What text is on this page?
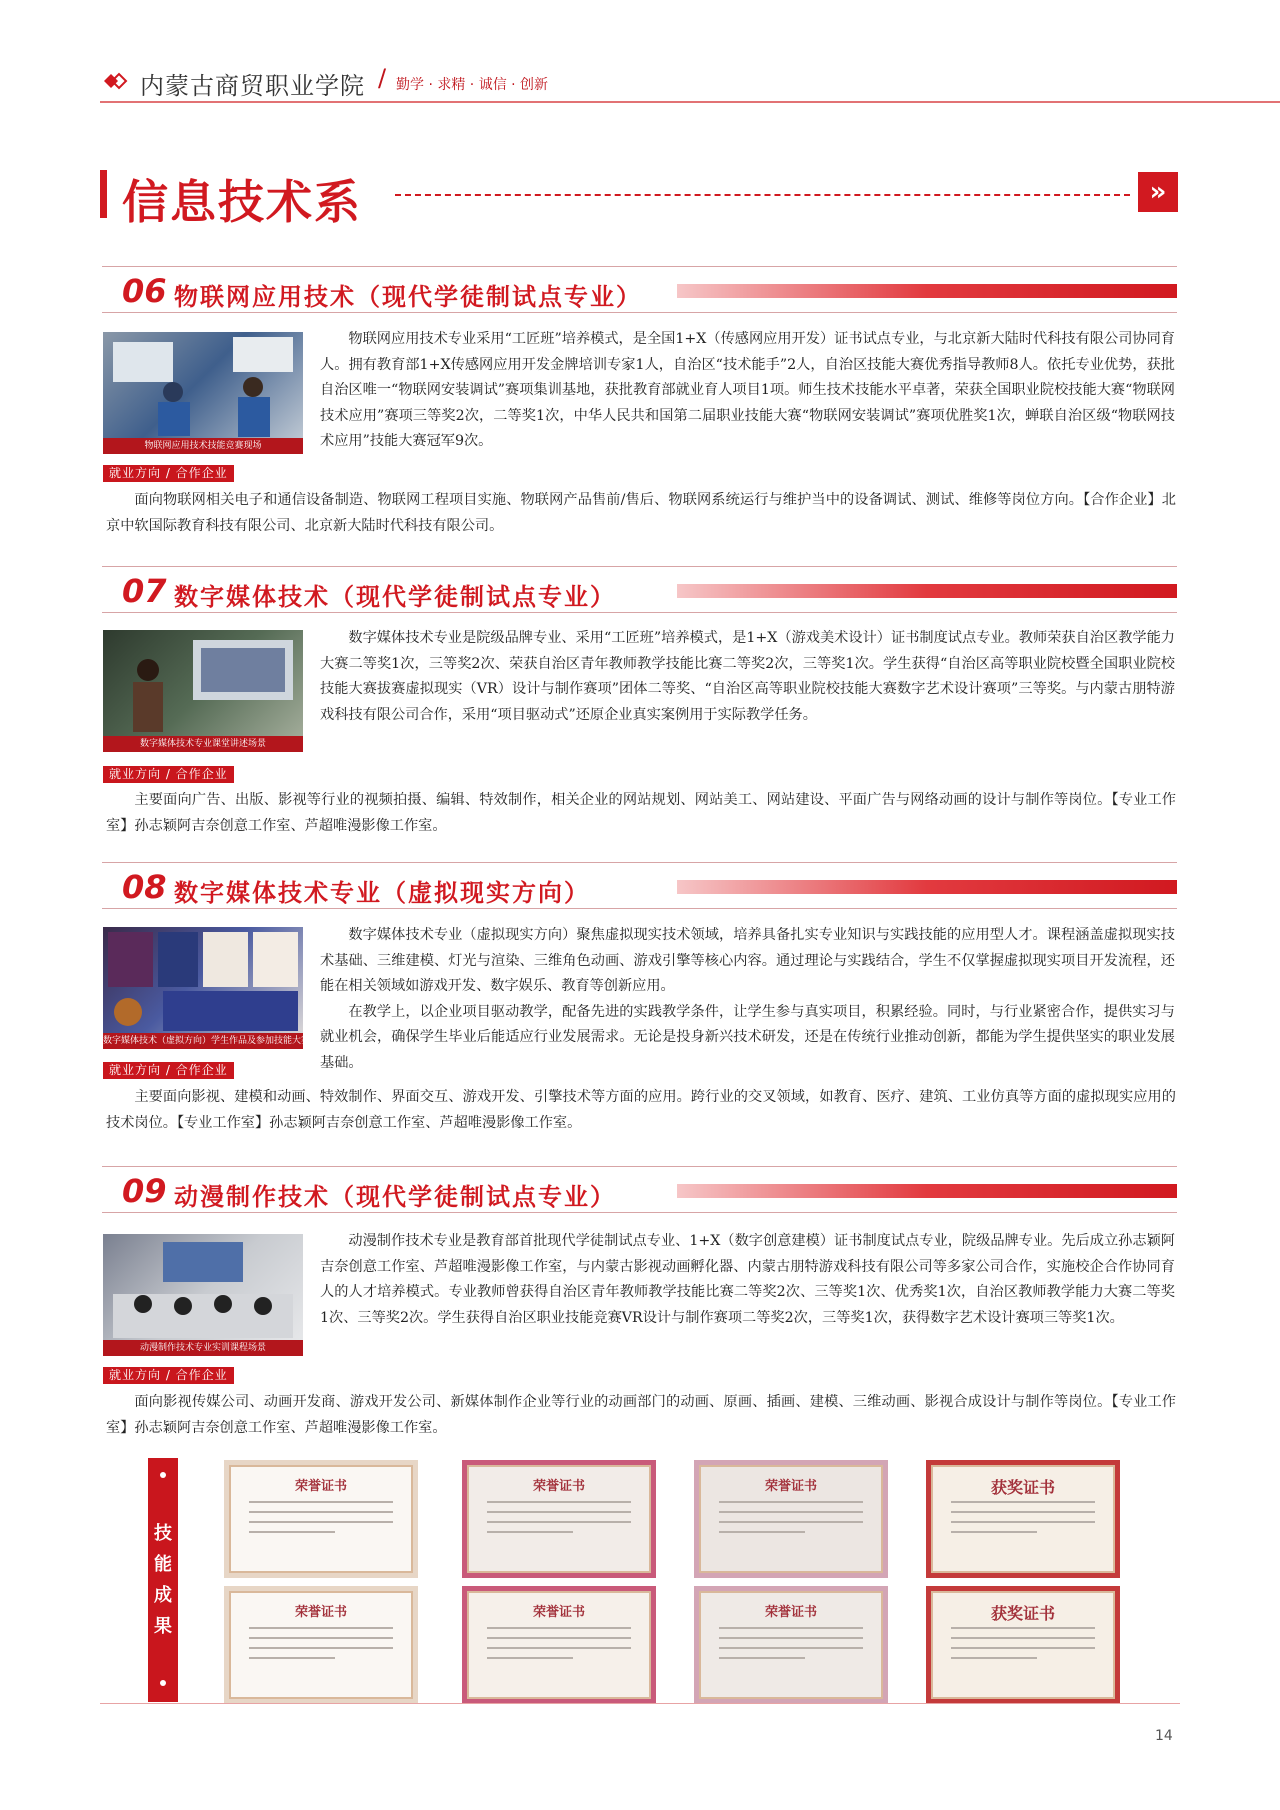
内蒙古商贸职业学院 / 勤学 · 求精 · 诚信 · 创新
信息技术系	»
06 物联网应用技术（现代学徒制试点专业）
物联网应用技术技能竞赛现场

物联网应用技术专业采用“工匠班”培养模式，是全国1+X（传感网应用开发）证书试点专业，与北京新大陆时代科技有限公司协同育人。拥有教育部1+X传感网应用开发金牌培训专家1人，自治区“技术能手”2人，自治区技能大赛优秀指导教师8人。依托专业优势，获批自治区唯一“物联网安装调试”赛项集训基地，获批教育部就业育人项目1项。师生技术技能水平卓著，荣获全国职业院校技能大赛“物联网技术应用”赛项三等奖2次，二等奖1次，中华人民共和国第二届职业技能大赛“物联网安装调试”赛项优胜奖1次，蝉联自治区级“物联网技术应用”技能大赛冠军9次。

就业方向 / 合作企业

面向物联网相关电子和通信设备制造、物联网工程项目实施、物联网产品售前/售后、物联网系统运行与维护当中的设备调试、测试、维修等岗位方向。【合作企业】北京中软国际教育科技有限公司、北京新大陆时代科技有限公司。

07 数字媒体技术（现代学徒制试点专业）
数字媒体技术专业课堂讲述场景

数字媒体技术专业是院级品牌专业、采用“工匠班”培养模式，是1+X（游戏美术设计）证书制度试点专业。教师荣获自治区教学能力大赛二等奖1次，三等奖2次、荣获自治区青年教师教学技能比赛二等奖2次，三等奖1次。学生获得“自治区高等职业院校暨全国职业院校技能大赛拔赛虚拟现实（VR）设计与制作赛项”团体二等奖、“自治区高等职业院校技能大赛数字艺术设计赛项”三等奖。与内蒙古朋特游戏科技有限公司合作，采用“项目驱动式”还原企业真实案例用于实际教学任务。

就业方向 / 合作企业

主要面向广告、出版、影视等行业的视频拍摄、编辑、特效制作，相关企业的网站规划、网站美工、网站建设、平面广告与网络动画的设计与制作等岗位。【专业工作室】孙志颖阿吉奈创意工作室、芦超唯漫影像工作室。

08 数字媒体技术专业（虚拟现实方向）
数字媒体技术（虚拟方向）学生作品及参加技能大赛场景

数字媒体技术专业（虚拟现实方向）聚焦虚拟现实技术领域，培养具备扎实专业知识与实践技能的应用型人才。课程涵盖虚拟现实技术基础、三维建模、灯光与渲染、三维角色动画、游戏引擎等核心内容。通过理论与实践结合，学生不仅掌握虚拟现实项目开发流程，还能在相关领域如游戏开发、数字娱乐、教育等创新应用。

在教学上，以企业项目驱动教学，配备先进的实践教学条件，让学生参与真实项目，积累经验。同时，与行业紧密合作，提供实习与就业机会，确保学生毕业后能适应行业发展需求。无论是投身新兴技术研发，还是在传统行业推动创新，都能为学生提供坚实的职业发展基础。

就业方向 / 合作企业

主要面向影视、建模和动画、特效制作、界面交互、游戏开发、引擎技术等方面的应用。跨行业的交叉领域，如教育、医疗、建筑、工业仿真等方面的虚拟现实应用的技术岗位。【专业工作室】孙志颖阿吉奈创意工作室、芦超唯漫影像工作室。

09 动漫制作技术（现代学徒制试点专业）
动漫制作技术专业实训课程场景

动漫制作技术专业是教育部首批现代学徒制试点专业、1+X（数字创意建模）证书制度试点专业，院级品牌专业。先后成立孙志颖阿吉奈创意工作室、芦超唯漫影像工作室，与内蒙古影视动画孵化器、内蒙古朋特游戏科技有限公司等多家公司合作，实施校企合作协同育人的人才培养模式。专业教师曾获得自治区青年教师教学技能比赛二等奖2次、三等奖1次、优秀奖1次，自治区教师教学能力大赛二等奖1次、三等奖2次。学生获得自治区职业技能竞赛VR设计与制作赛项二等奖2次，三等奖1次，获得数字艺术设计赛项三等奖1次。

就业方向 / 合作企业

面向影视传媒公司、动画开发商、游戏开发公司、新媒体制作企业等行业的动画部门的动画、原画、插画、建模、三维动画、影视合成设计与制作等岗位。【专业工作室】孙志颖阿吉奈创意工作室、芦超唯漫影像工作室。

技
能
成
果
荣誉证书	荣誉证书	荣誉证书	获奖证书
荣誉证书	荣誉证书	荣誉证书	获奖证书
14
